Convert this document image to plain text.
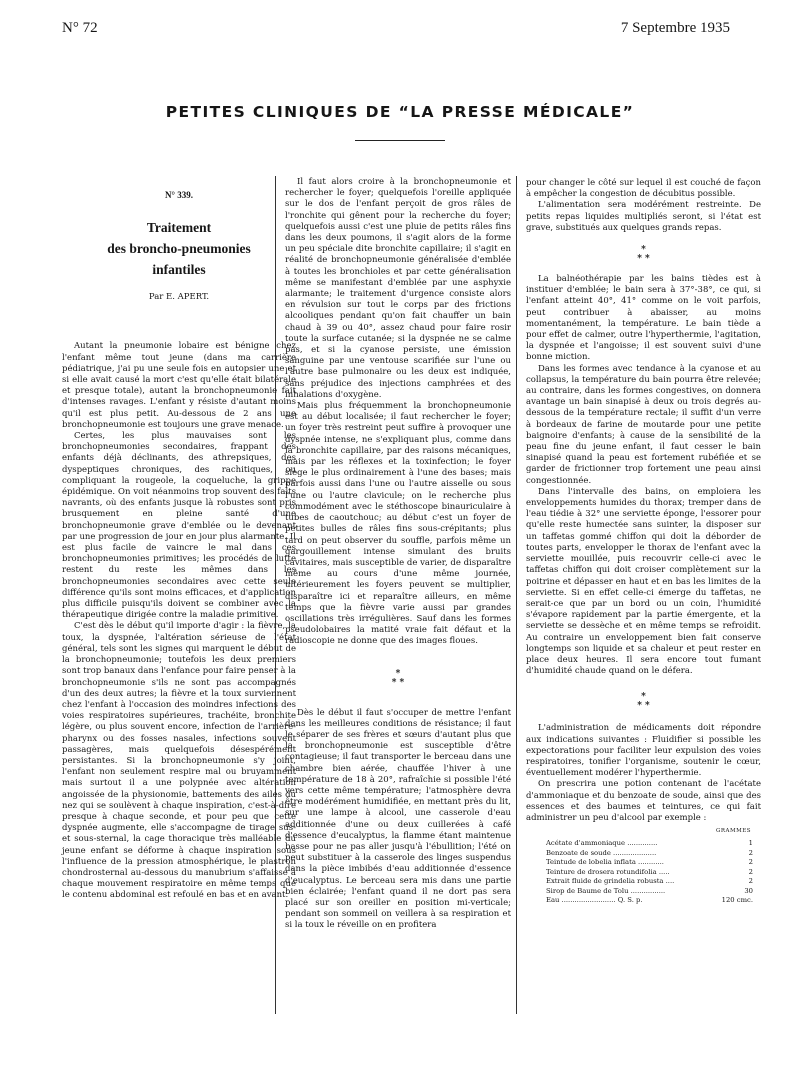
N° 72	7 Septembre 1935
PETITES CLINIQUES DE “LA PRESSE MÉDICALE”
N° 339.
Traitement
des broncho-pneumonies
infantiles
Par E. APERT.

Autant la pneumonie lobaire est bénigne chez l'enfant même tout jeune (dans ma carrière pédiatrique, j'ai pu une seule fois en autopsier une et si elle avait causé la mort c'est qu'elle était bilatérale et presque totale), autant la bronchopneumonie fait d'intenses ravages. L'enfant y résiste d'autant moins qu'il est plus petit. Au-dessous de 2 ans une bronchopneumonie est toujours une grave menace.

Certes, les plus mauvaises sont les bronchopneumonies secondaires, frappant des enfants déjà déclinants, des athrepsiques, des dyspeptiques chroniques, des rachitiques, ou compliquant la rougeole, la coqueluche, la grippe épidémique. On voit néanmoins trop souvent des faits navrants, où des enfants jusque là robustes sont pris brusquement en pleine santé d'une bronchopneumonie grave d'emblée ou le devenant par une progression de jour en jour plus alarmante. Il est plus facile de vaincre le mal dans ces bronchopneumonies primitives; les procédés de lutte restent du reste les mêmes dans les bronchopneumonies secondaires avec cette seule différence qu'ils sont moins efficaces, et d'application plus difficile puisqu'ils doivent se combiner avec la thérapeutique dirigée contre la maladie primitive.

C'est dès le début qu'il importe d'agir : la fièvre, la toux, la dyspnée, l'altération sérieuse de l'état général, tels sont les signes qui marquent le début de la bronchopneumonie; toutefois les deux premiers sont trop banaux dans l'enfance pour faire penser à la bronchopneumonie s'ils ne sont pas accompagnés d'un des deux autres; la fièvre et la toux surviennent chez l'enfant à l'occasion des moindres infections des voies respiratoires supérieures, trachéite, bronchite légère, ou plus souvent encore, infection de l'arrière-pharynx ou des fosses nasales, infections souvent passagères, mais quelquefois désespérément persistantes. Si la bronchopneumonie s'y joint, l'enfant non seulement respire mal ou bruyamment mais surtout il a une polypnée avec altération angoissée de la physionomie, battements des ailes du nez qui se soulèvent à chaque inspiration, c'est-à-dire presque à chaque seconde, et pour peu que cette dyspnée augmente, elle s'accompagne de tirage sus- et sous-sternal, la cage thoracique très malléable du jeune enfant se déforme à chaque inspiration sous l'influence de la pression atmosphérique, le plastron chondrosternal au-dessous du manubrium s'affaisse à chaque mouvement respiratoire en même temps que le contenu abdominal est refoulé en bas et en avant.

Il faut alors croire à la bronchopneumonie et rechercher le foyer; quelquefois l'oreille appliquée sur le dos de l'enfant perçoit de gros râles de l'ronchite qui gênent pour la recherche du foyer; quelquefois aussi c'est une pluie de petits râles fins dans les deux poumons, il s'agit alors de la forme un peu spéciale dite bronchite capillaire; il s'agit en réalité de bronchopneumonie généralisée d'emblée à toutes les bronchioles et par cette généralisation même se manifestant d'emblée par une asphyxie alarmante; le traitement d'urgence consiste alors en révulsion sur tout le corps par des frictions alcooliques pendant qu'on fait chauffer un bain chaud à 39 ou 40°, assez chaud pour faire rosir toute la surface cutanée; si la dyspnée ne se calme pas, et si la cyanose persiste, une émission sanguine par une ventouse scarifiée sur l'une ou l'autre base pulmonaire ou les deux est indiquée, sans préjudice des injections camphrées et des inhalations d'oxygène.

Mais plus fréquemment la bronchopneumonie est au début localisée; il faut rechercher le foyer; un foyer très restreint peut suffire à provoquer une dyspnée intense, ne s'expliquant plus, comme dans la bronchite capillaire, par des raisons mécaniques, mais par les réflexes et la toxinfection; le foyer siège le plus ordinairement à l'une des bases; mais parfois aussi dans l'une ou l'autre aisselle ou sous l'une ou l'autre clavicule; on le recherche plus commodément avec le stéthoscope binauriculaire à tubes de caoutchouc; au début c'est un foyer de petites bulles de râles fins sous-crépitants; plus tard on peut observer du souffle, parfois même un gargouillement intense simulant des bruits cavitaires, mais susceptible de varier, de disparaître même au cours d'une même journée, ultérieurement les foyers peuvent se multiplier, disparaître ici et reparaître ailleurs, en même temps que la fièvre varie aussi par grandes oscillations très irrégulières. Sauf dans les formes pseudolobaires la matité vraie fait défaut et la radioscopie ne donne que des images floues.

*
* *

Dès le début il faut s'occuper de mettre l'enfant dans les meilleures conditions de résistance; il faut le séparer de ses frères et sœurs d'autant plus que la bronchopneumonie est susceptible d'être contagieuse; il faut transporter le berceau dans une chambre bien aérée, chauffée l'hiver à une température de 18 à 20°, rafraîchie si possible l'été vers cette même température; l'atmosphère devra être modérément humidifiée, en mettant près du lit, sur une lampe à alcool, une casserole d'eau additionnée d'une ou deux cuillerées à café d'essence d'eucalyptus, la flamme étant maintenue basse pour ne pas aller jusqu'à l'ébullition; l'été on peut substituer à la casserole des linges suspendus dans la pièce imbibés d'eau additionnée d'essence d'eucalyptus. Le berceau sera mis dans une partie bien éclairée; l'enfant quand il ne dort pas sera placé sur son oreiller en position mi-verticale; pendant son sommeil on veillera à sa respiration et si la toux le réveille on en profitera

pour changer le côté sur lequel il est couché de façon à empêcher la congestion de décubitus possible.

L'alimentation sera modérément restreinte. De petits repas liquides multipliés seront, si l'état est grave, substitués aux quelques grands repas.

*
* *

La balnéothérapie par les bains tièdes est à instituer d'emblée; le bain sera à 37°-38°, ce qui, si l'enfant atteint 40°, 41° comme on le voit parfois, peut contribuer à abaisser, au moins momentanément, la température. Le bain tiède a pour effet de calmer, outre l'hyperthermie, l'agitation, la dyspnée et l'angoisse; il est souvent suivi d'une bonne miction.

Dans les formes avec tendance à la cyanose et au collapsus, la température du bain pourra être relevée; au contraire, dans les formes congestives, on donnera avantage un bain sinapisé à deux ou trois degrés au-dessous de la température rectale; il suffit d'un verre à bordeaux de farine de moutarde pour une petite baignoire d'enfants; à cause de la sensibilité de la peau fine du jeune enfant, il faut cesser le bain sinapisé quand la peau est fortement rubéfiée et se garder de frictionner trop fortement une peau ainsi congestionnée.

Dans l'intervalle des bains, on emploiera les enveloppements humides du thorax; tremper dans de l'eau tiédie à 32° une serviette éponge, l'essorer pour qu'elle reste humectée sans suinter, la disposer sur un taffetas gommé chiffon qui doit la déborder de toutes parts, envelopper le thorax de l'enfant avec la serviette mouillée, puis recouvrir celle-ci avec le taffetas chiffon qui doit croiser complètement sur la poitrine et dépasser en haut et en bas les limites de la serviette. Si en effet celle-ci émerge du taffetas, ne serait-ce que par un bord ou un coin, l'humidité s'évapore rapidement par la partie émergente, et la serviette se dessèche et en même temps se refroidit. Au contraire un enveloppement bien fait conserve longtemps son liquide et sa chaleur et peut rester en place deux heures. Il sera encore tout fumant d'humidité chaude quand on le défera.

*
* *

L'administration de médicaments doit répondre aux indications suivantes : Fluidifier si possible les expectorations pour faciliter leur expulsion des voies respiratoires, tonifier l'organisme, soutenir le cœur, éventuellement modérer l'hyperthermie.

On prescrira une potion contenant de l'acétate d'ammoniaque et du benzoate de soude, ainsi que des essences et des baumes et teintures, ce qui fait administrer un peu d'alcool par exemple :

GRAMMES
Acétate d'ammoniaque ..............	1
Benzoate de soude ....................	2
Teintude de lobelia inflata ............	2
Teinture de drosera rotundifolia .....	2
Extrait fluide de grindelia robusta ....	2
Sirop de Baume de Tolu ................	30
Eau ......................... Q. S. p.	120 cmc.
